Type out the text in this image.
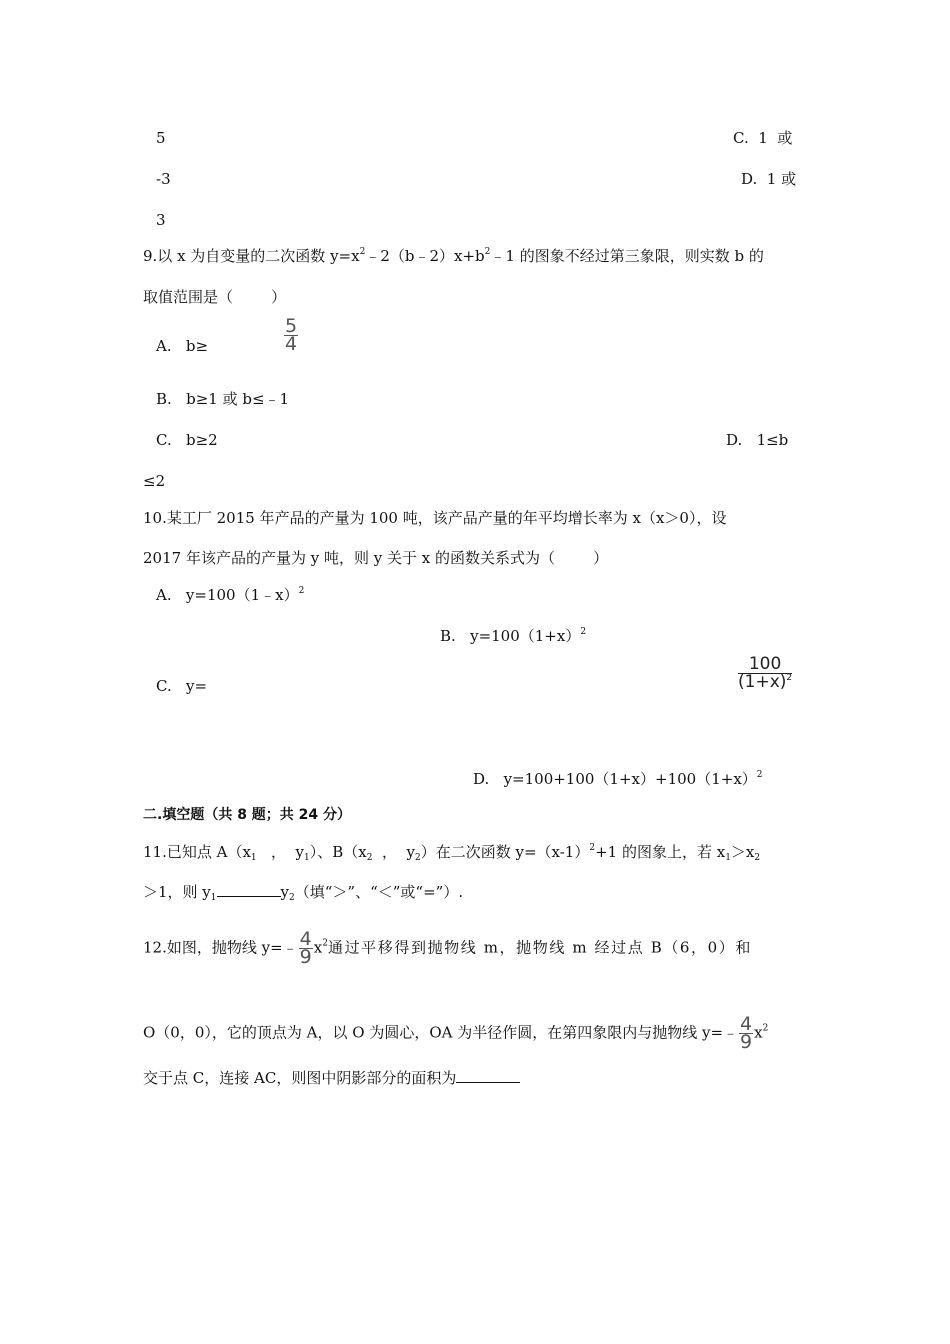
5	C.  1  或
-3	D.  1 或
3
9.以 x 为自变量的二次函数 $y=x^2﹣2(b﹣2)x+b^2﹣1$ 的图象不经过第三象限，则实数 b 的
取值范围是（        ）
A.   b≥	$\frac{5}{4}$
B.   b≥1 或 b≤﹣1
C.   b≥2	D.   1≤b
≤2
10.某工厂 2015 年产品的产量为 100 吨，该产品产量的年平均增长率为 x（x＞0），设
2017 年该产品的产量为 y 吨，则 y 关于 x 的函数关系式为（        ）
A.   y=100（1﹣x）$^2$
B.   $y=100(1+x)^2$
C.   y=	$\frac{100}{(1+x)^2}$
D.   $y=100+100(1+x)+100(1+x)^2$
二.填空题（共 8 题；共 24 分）
11.已知点 $A(x_1$   ，  $y_1$）、$B(x_2$  ，  $y_2$）在二次函数 $y=(x-1)^2+1$ 的图象上，若 $x_1>x_2$
＞1，则 $y_1$	$y_2$（填“＞”、“＜”或“=”）.
12.如图，抛物线 y=﹣ $\frac{4}{9} x^2$通过平移得到抛物线 m，抛物线 m 经过点 B（6，0）和
O（0，0），它的顶点为 A，以 O 为圆心，OA 为半径作圆，在第四象限内与抛物线 y=﹣ $\frac{4}{9} x^2$
交于点 C，连接 AC，则图中阴影部分的面积为
